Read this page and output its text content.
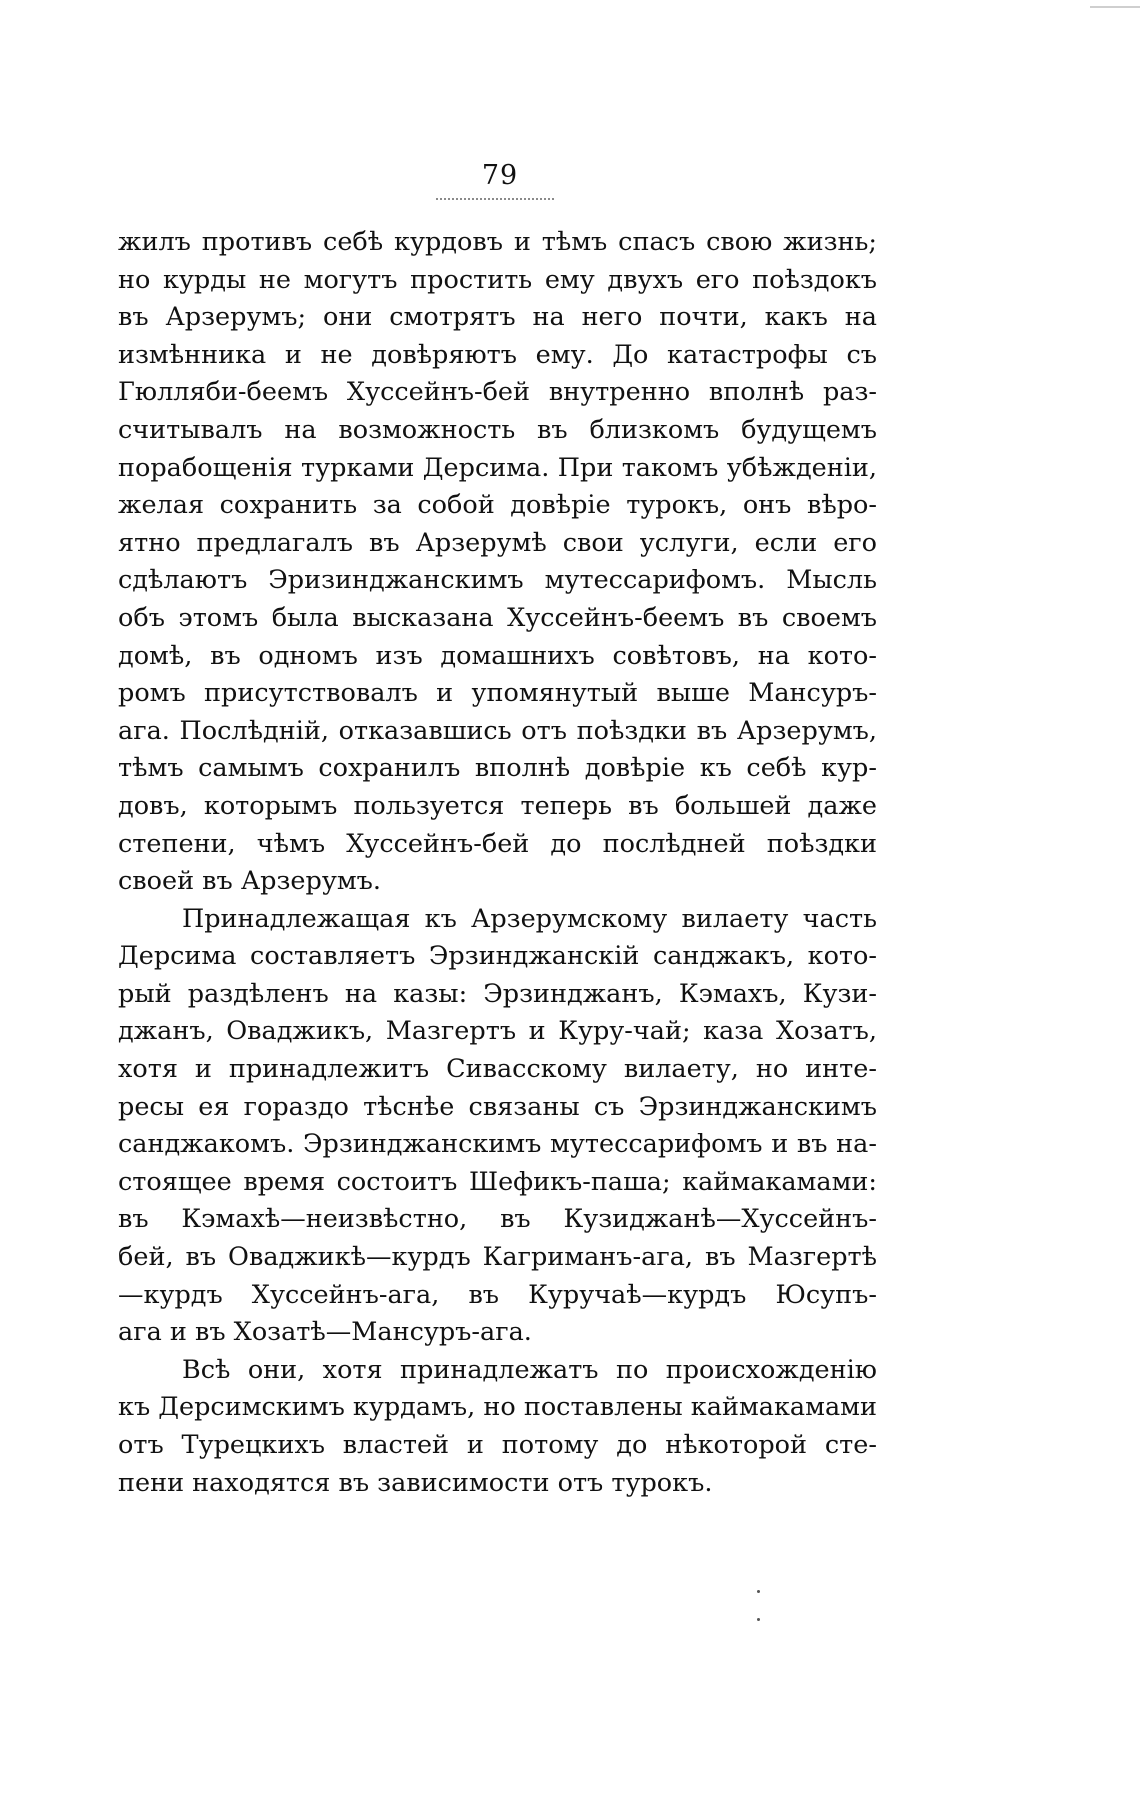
79
жилъ противъ себѣ курдовъ и тѣмъ спасъ свою жизнь;
но курды не могутъ простить ему двухъ его поѣздокъ
въ Арзерумъ; они смотрятъ на него почти, какъ на
измѣнника и не довѣряютъ ему. До катастрофы съ
Гюлляби-беемъ Хуссейнъ-бей внутренно вполнѣ раз-
считывалъ на возможность въ близкомъ будущемъ
порабощенія турками Дерсима. При такомъ убѣжденіи,
желая сохранить за собой довѣріе турокъ, онъ вѣро-
ятно предлагалъ въ Арзерумѣ свои услуги, если его
сдѣлаютъ Эризинджанскимъ мутессарифомъ. Мысль
объ этомъ была высказана Хуссейнъ-беемъ въ своемъ
домѣ, въ одномъ изъ домашнихъ совѣтовъ, на кото-
ромъ присутствовалъ и упомянутый выше Мансуръ-
ага. Послѣдній, отказавшись отъ поѣздки въ Арзерумъ,
тѣмъ самымъ сохранилъ вполнѣ довѣріе къ себѣ кур-
довъ, которымъ пользуется теперь въ большей даже
степени, чѣмъ Хуссейнъ-бей до послѣдней поѣздки
своей въ Арзерумъ.
Принадлежащая къ Арзерумскому вилаету часть
Дерсима составляетъ Эрзинджанскій санджакъ, кото-
рый раздѣленъ на казы: Эрзинджанъ, Кэмахъ, Кузи-
джанъ, Оваджикъ, Мазгертъ и Куру-чай; каза Хозатъ,
хотя и принадлежитъ Сивасскому вилаету, но инте-
ресы ея гораздо тѣснѣе связаны съ Эрзинджанскимъ
санджакомъ. Эрзинджанскимъ мутессарифомъ и въ на-
стоящее время состоитъ Шефикъ-паша; каймакамами:
въ Кэмахѣ—неизвѣстно, въ Кузиджанѣ—Хуссейнъ-
бей, въ Оваджикѣ—курдъ Кагриманъ-ага, въ Мазгертѣ
—курдъ Хуссейнъ-ага, въ Куручаѣ—курдъ Юсупъ-
ага и въ Хозатѣ—Мансуръ-ага.
Всѣ они, хотя принадлежатъ по происхожденію
къ Дерсимскимъ курдамъ, но поставлены каймакамами
отъ Турецкихъ властей и потому до нѣкоторой сте-
пени находятся въ зависимости отъ турокъ.
